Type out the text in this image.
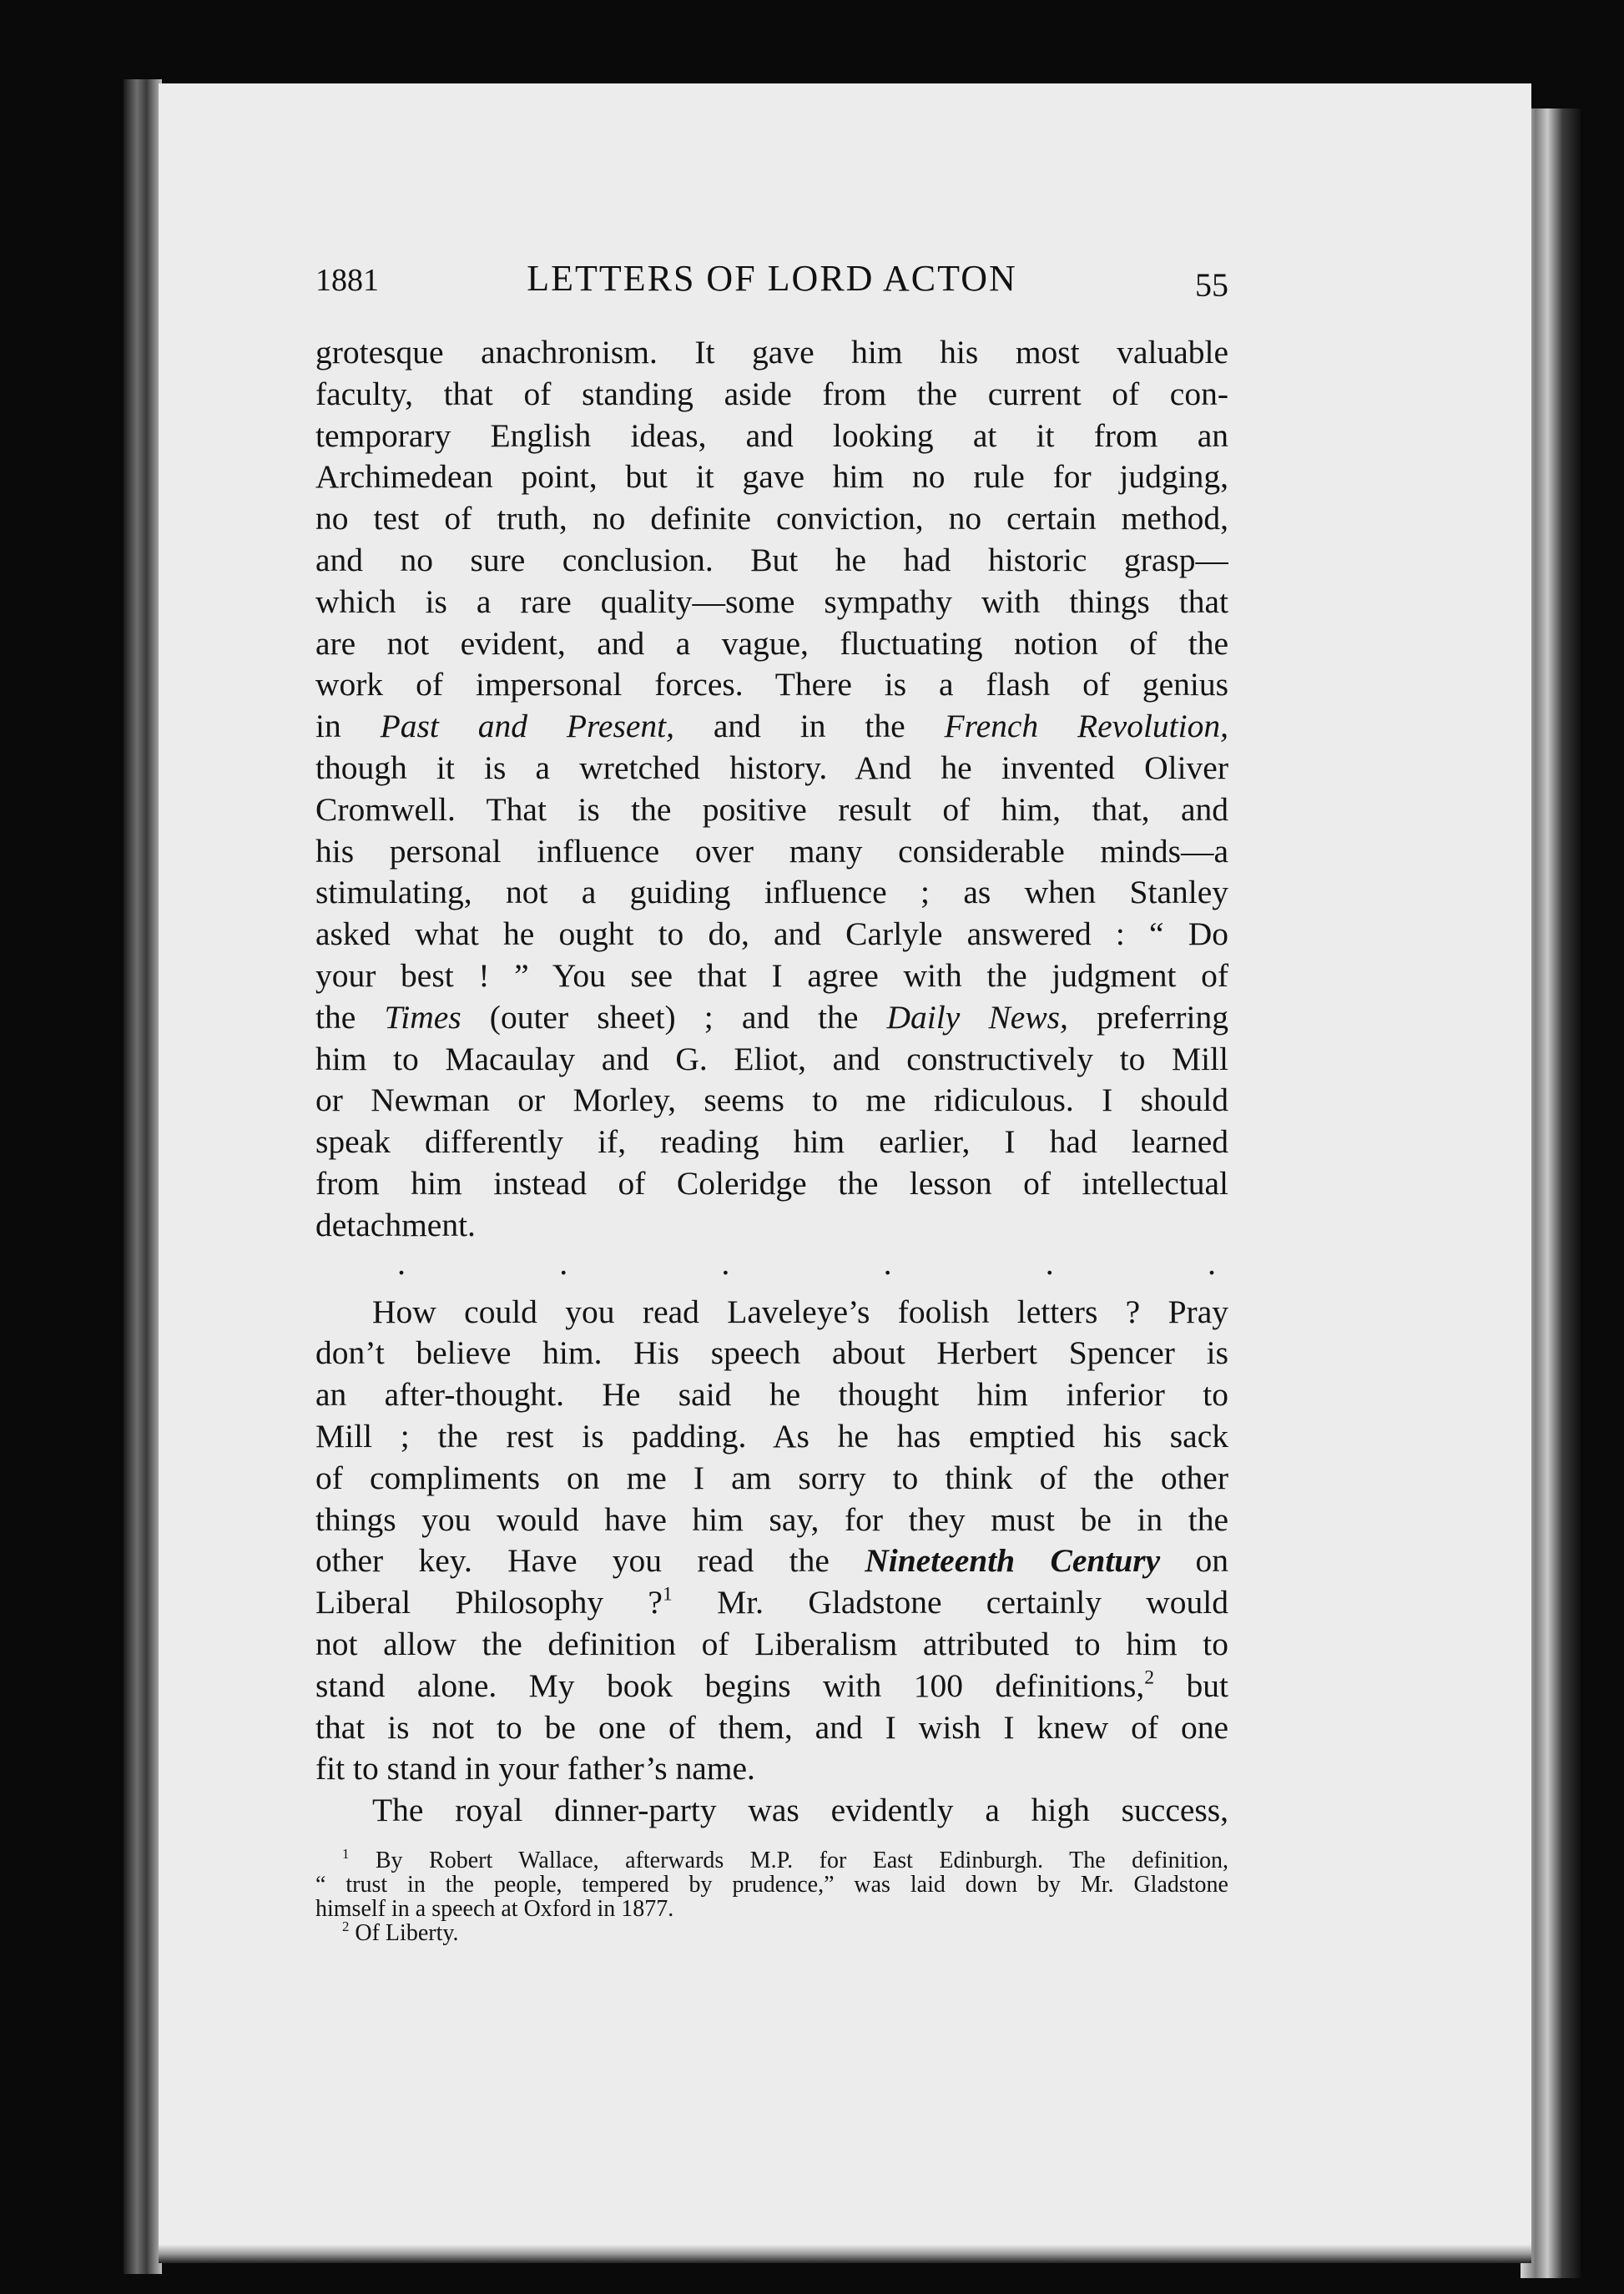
1881	LETTERS OF LORD ACTON	55
grotesque anachronism. It gave him his most valuable
faculty, that of standing aside from the current of con-
temporary English ideas, and looking at it from an
Archimedean point, but it gave him no rule for judging,
no test of truth, no definite conviction, no certain method,
and no sure conclusion. But he had historic grasp—
which is a rare quality—some sympathy with things that
are not evident, and a vague, fluctuating notion of the
work of impersonal forces. There is a flash of genius
in Past and Present, and in the French Revolution,
though it is a wretched history. And he invented Oliver
Cromwell. That is the positive result of him, that, and
his personal influence over many considerable minds—a
stimulating, not a guiding influence ; as when Stanley
asked what he ought to do, and Carlyle answered : “ Do
your best ! ” You see that I agree with the judgment of
the Times (outer sheet) ; and the Daily News, preferring
him to Macaulay and G. Eliot, and constructively to Mill
or Newman or Morley, seems to me ridiculous. I should
speak differently if, reading him earlier, I had learned
from him instead of Coleridge the lesson of intellectual
detachment.
.	.	.	.	.	.
How could you read Laveleye’s foolish letters ? Pray
don’t believe him. His speech about Herbert Spencer is
an after-thought. He said he thought him inferior to
Mill ; the rest is padding. As he has emptied his sack
of compliments on me I am sorry to think of the other
things you would have him say, for they must be in the
other key. Have you read the Nineteenth Century on
Liberal Philosophy ?$^1$ Mr. Gladstone certainly would
not allow the definition of Liberalism attributed to him to
stand alone. My book begins with 100 definitions,$^2$ but
that is not to be one of them, and I wish I knew of one
fit to stand in your father’s name.
The royal dinner-party was evidently a high success,
$^1$ By Robert Wallace, afterwards M.P. for East Edinburgh. The definition,
“ trust in the people, tempered by prudence,” was laid down by Mr. Gladstone
himself in a speech at Oxford in 1877.
$^2$ Of Liberty.
